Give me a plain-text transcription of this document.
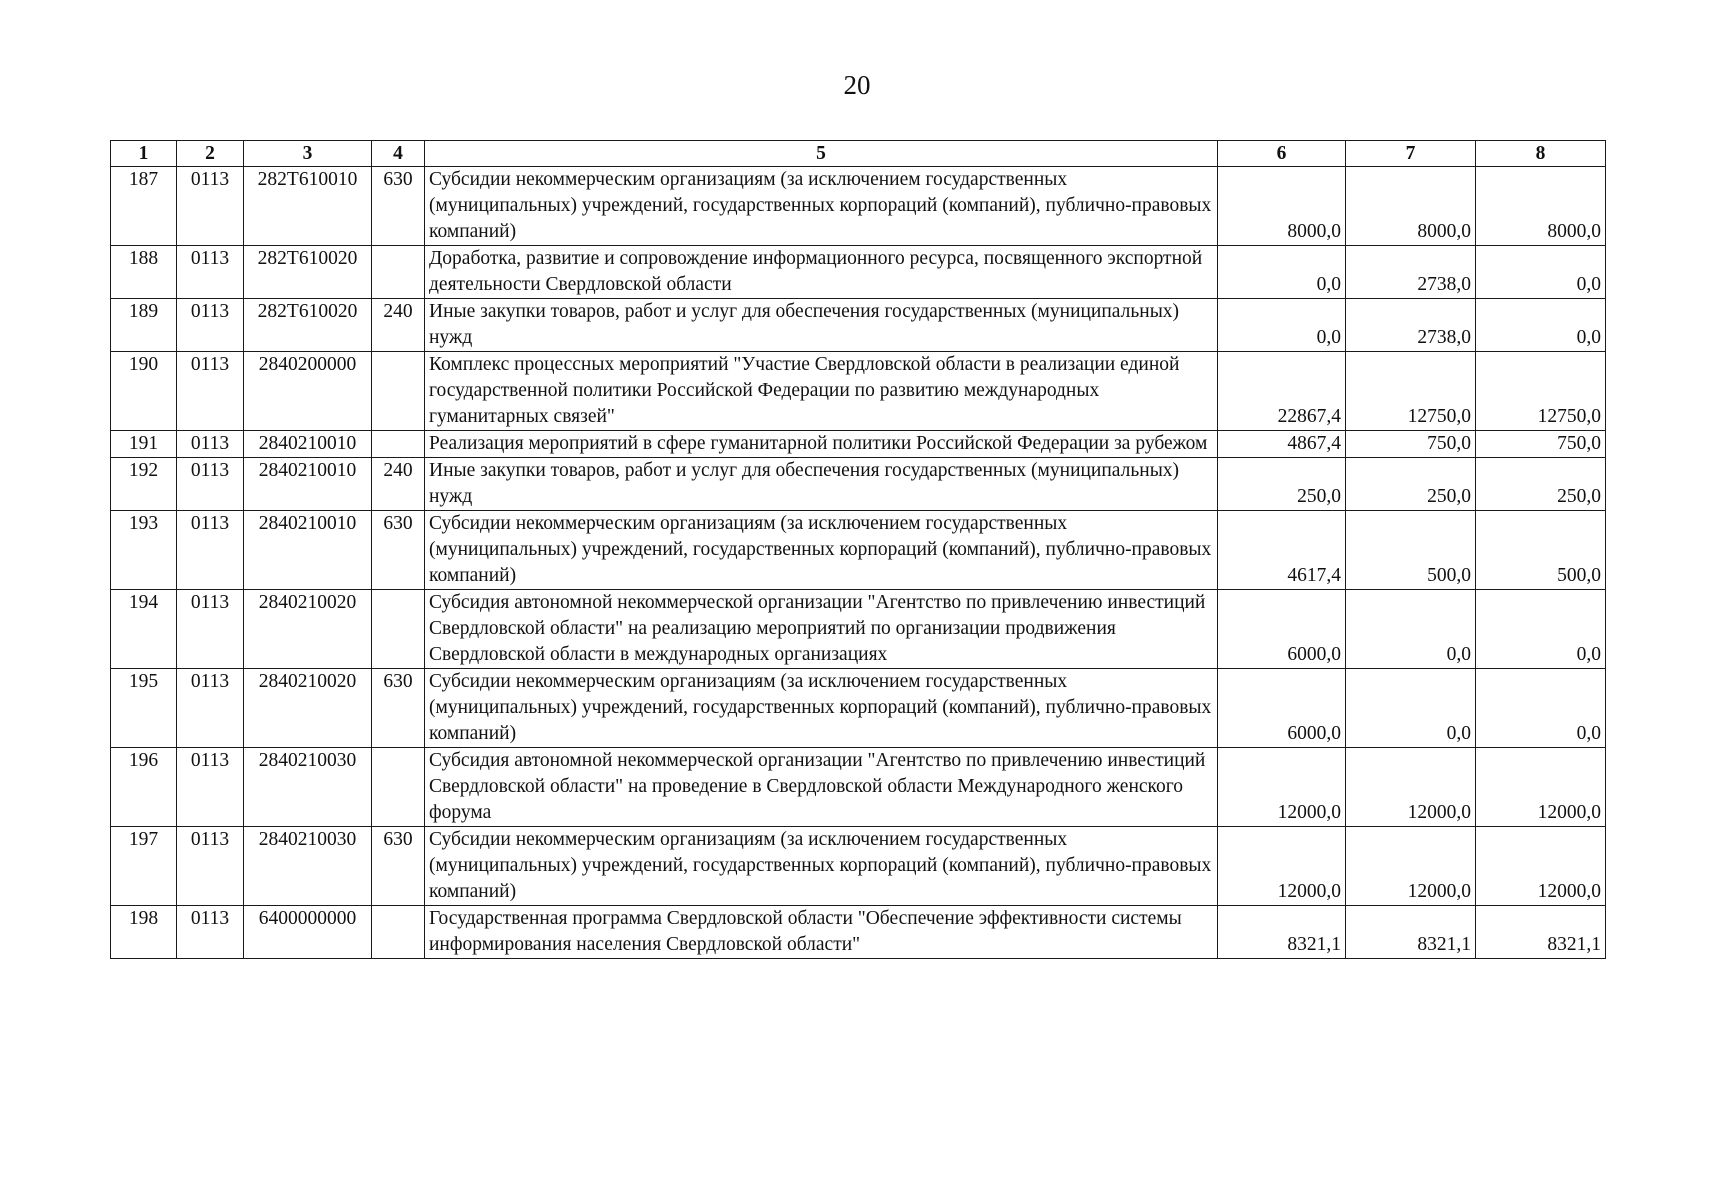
20
1	2	3	4	5	6	7	8
187	0113	282T610010	630	Субсидии некоммерческим организациям (за исключением государственных (муниципальных) учреждений, государственных корпораций (компаний), публично-правовых компаний)	8000,0	8000,0	8000,0
188	0113	282T610020		Доработка, развитие и сопровождение информационного ресурса, посвященного экспортной деятельности Свердловской области	0,0	2738,0	0,0
189	0113	282T610020	240	Иные закупки товаров, работ и услуг для обеспечения государственных (муниципальных) нужд	0,0	2738,0	0,0
190	0113	2840200000		Комплекс процессных мероприятий "Участие Свердловской области в реализации единой государственной политики Российской Федерации по развитию международных гуманитарных связей"	22867,4	12750,0	12750,0
191	0113	2840210010		Реализация мероприятий в сфере гуманитарной политики Российской Федерации за рубежом	4867,4	750,0	750,0
192	0113	2840210010	240	Иные закупки товаров, работ и услуг для обеспечения государственных (муниципальных) нужд	250,0	250,0	250,0
193	0113	2840210010	630	Субсидии некоммерческим организациям (за исключением государственных (муниципальных) учреждений, государственных корпораций (компаний), публично-правовых компаний)	4617,4	500,0	500,0
194	0113	2840210020		Субсидия автономной некоммерческой организации "Агентство по привлечению инвестиций Свердловской области" на реализацию мероприятий по организации продвижения Свердловской области в международных организациях	6000,0	0,0	0,0
195	0113	2840210020	630	Субсидии некоммерческим организациям (за исключением государственных (муниципальных) учреждений, государственных корпораций (компаний), публично-правовых компаний)	6000,0	0,0	0,0
196	0113	2840210030		Субсидия автономной некоммерческой организации "Агентство по привлечению инвестиций Свердловской области" на проведение в Свердловской области Международного женского форума	12000,0	12000,0	12000,0
197	0113	2840210030	630	Субсидии некоммерческим организациям (за исключением государственных (муниципальных) учреждений, государственных корпораций (компаний), публично-правовых компаний)	12000,0	12000,0	12000,0
198	0113	6400000000		Государственная программа Свердловской области "Обеспечение эффективности системы информирования населения Свердловской области"	8321,1	8321,1	8321,1
